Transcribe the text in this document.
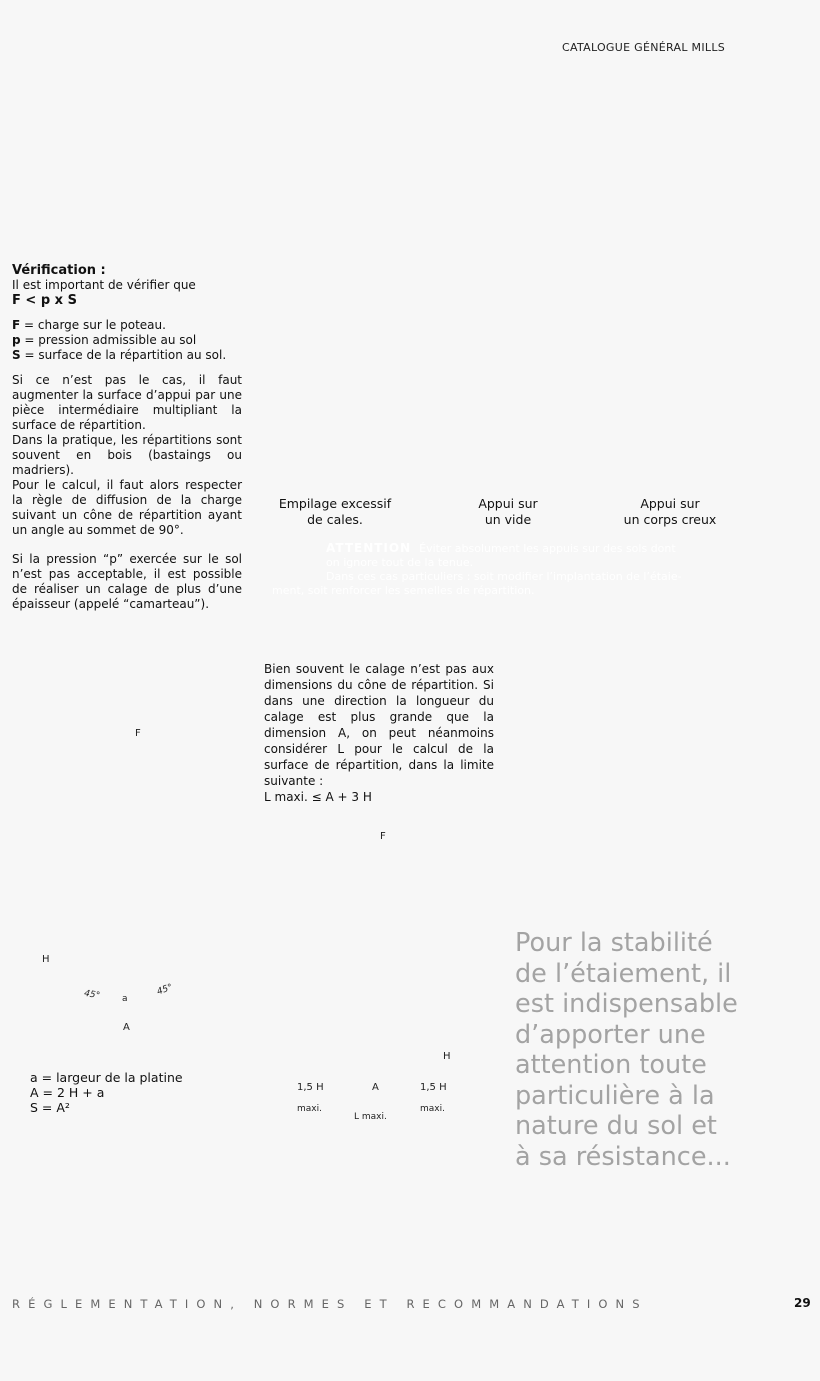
CATALOGUE GÉNÉRAL MILLS

Vérification :

Il est important de vérifier que

F < p x S

F = charge sur le poteau.

p = pression admissible au sol

S = surface de la répartition au sol.

Si ce n’est pas le cas, il faut augmenter la surface d’appui par une pièce intermédiaire multipliant la surface de répartition.

Dans la pratique, les répartitions sont souvent en bois (bastaings ou madriers).

Pour le calcul, il faut alors respecter la règle de diffusion de la charge suivant un cône de répartition ayant un angle au sommet de 90°.

Si la pression “p” exercée sur le sol n’est pas acceptable, il est possible de réaliser un calage de plus d’une épaisseur (appelé “camarteau”).

Empilage excessif
de cales.
Appui sur
un vide
Appui sur
un corps creux
ATTENTION Éviter absolument les appuis sur des sols dont
on ignore tout de la tenue.
Dans ces cas particuliers : soit modifier l’implantation de l’étaie-
ment, soit renforcer les semelles de répartition.
Bien souvent le calage n’est pas aux dimensions du cône de répartition. Si dans une direction la longueur du calage est plus grande que la dimension A, on peut néanmoins considérer L pour le calcul de la surface de répartition, dans la limite suivante :
L maxi. ≤ A + 3 H
F
H
45° a
45°
A
a = largeur de la platine
A = 2 H + a
S = A²
F
H
1,5 H
maxi.
A
L maxi.
1,5 H
maxi.
Pour la stabilité
de l’étaiement, il
est indispensable
d’apporter une
attention toute
particulière à la
nature du sol et
à sa résistance...
RÉGLEMENTATION, NORMES ET RECOMMANDATIONS	29
